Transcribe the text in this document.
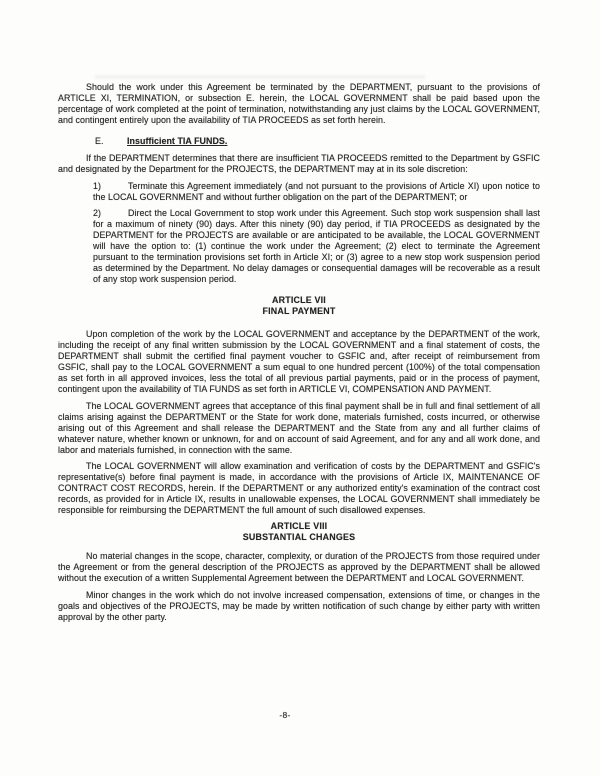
Should the work under this Agreement be terminated by the DEPARTMENT, pursuant to the provisions of ARTICLE XI, TERMINATION, or subsection E. herein, the LOCAL GOVERNMENT shall be paid based upon the percentage of work completed at the point of termination, notwithstanding any just claims by the LOCAL GOVERNMENT, and contingent entirely upon the availability of TIA PROCEEDS as set forth herein.

E.	Insufficient TIA FUNDS.

If the DEPARTMENT determines that there are insufficient TIA PROCEEDS remitted to the Department by GSFIC and designated by the Department for the PROJECTS, the DEPARTMENT may at in its sole discretion:

1)	Terminate this Agreement immediately (and not pursuant to the provisions of Article XI) upon notice to the LOCAL GOVERNMENT and without further obligation on the part of the DEPARTMENT; or
2)	Direct the Local Government to stop work under this Agreement. Such stop work suspension shall last for a maximum of ninety (90) days. After this ninety (90) day period, if TIA PROCEEDS as designated by the DEPARTMENT for the PROJECTS are available or are anticipated to be available, the LOCAL GOVERNMENT will have the option to: (1) continue the work under the Agreement; (2) elect to terminate the Agreement pursuant to the termination provisions set forth in Article XI; or (3) agree to a new stop work suspension period as determined by the Department. No delay damages or consequential damages will be recoverable as a result of any stop work suspension period.
ARTICLE VII
FINAL PAYMENT

Upon completion of the work by the LOCAL GOVERNMENT and acceptance by the DEPARTMENT of the work, including the receipt of any final written submission by the LOCAL GOVERNMENT and a final statement of costs, the DEPARTMENT shall submit the certified final payment voucher to GSFIC and, after receipt of reimbursement from GSFIC, shall pay to the LOCAL GOVERNMENT a sum equal to one hundred percent (100%) of the total compensation as set forth in all approved invoices, less the total of all previous partial payments, paid or in the process of payment, contingent upon the availability of TIA FUNDS as set forth in ARTICLE VI, COMPENSATION AND PAYMENT.

The LOCAL GOVERNMENT agrees that acceptance of this final payment shall be in full and final settlement of all claims arising against the DEPARTMENT or the State for work done, materials furnished, costs incurred, or otherwise arising out of this Agreement and shall release the DEPARTMENT and the State from any and all further claims of whatever nature, whether known or unknown, for and on account of said Agreement, and for any and all work done, and labor and materials furnished, in connection with the same.

The LOCAL GOVERNMENT will allow examination and verification of costs by the DEPARTMENT and GSFIC's representative(s) before final payment is made, in accordance with the provisions of Article IX, MAINTENANCE OF CONTRACT COST RECORDS, herein. If the DEPARTMENT or any authorized entity's examination of the contract cost records, as provided for in Article IX, results in unallowable expenses, the LOCAL GOVERNMENT shall immediately be responsible for reimbursing the DEPARTMENT the full amount of such disallowed expenses.

ARTICLE VIII
SUBSTANTIAL CHANGES

No material changes in the scope, character, complexity, or duration of the PROJECTS from those required under the Agreement or from the general description of the PROJECTS as approved by the DEPARTMENT shall be allowed without the execution of a written Supplemental Agreement between the DEPARTMENT and LOCAL GOVERNMENT.

Minor changes in the work which do not involve increased compensation, extensions of time, or changes in the goals and objectives of the PROJECTS, may be made by written notification of such change by either party with written approval by the other party.

-8-
